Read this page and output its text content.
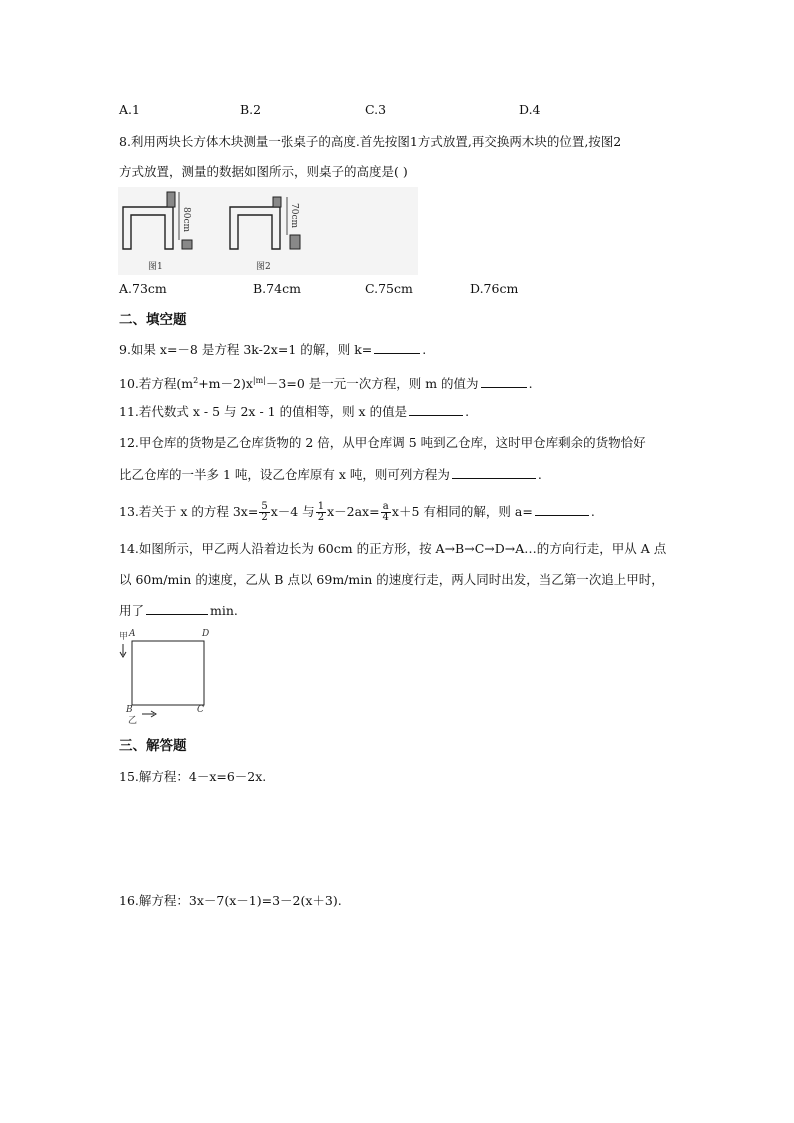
A.1	B.2	C.3	D.4
8.利用两块长方体木块测量一张桌子的高度.首先按图1方式放置,再交换两木块的位置,按图2
方式放置，测量的数据如图所示，则桌子的高度是( )
80cm	70cm
图1	图2
A.73cm	B.74cm	C.75cm	D.76cm
二、填空题
9.如果 x=－8 是方程 3k-2x=1 的解，则 k=	.
10.若方程$(m^2+m-2)x^{|m|}-3=0$ 是一元一次方程，则 m 的值为	.
11.若代数式 x - 5 与 2x - 1 的值相等，则 x 的值是	.
12.甲仓库的货物是乙仓库货物的 2 倍，从甲仓库调 5 吨到乙仓库，这时甲仓库剩余的货物恰好
比乙仓库的一半多 1 吨，设乙仓库原有 x 吨，则可列方程为	.
13.若关于 x 的方程 $3x= \frac{5}{2} x-4$ 与 $\frac{1}{2} x-2ax= \frac{a}{4} x+5$ 有相同的解，则 a=	.
14.如图所示，甲乙两人沿着边长为 60cm 的正方形，按 A→B→C→D→A…的方向行走，甲从 A 点
以 60m/min 的速度，乙从 B 点以 69m/min 的速度行走，两人同时出发，当乙第一次追上甲时，
用了	min.
甲 A	D
B	C
乙
三、解答题
15.解方程：4－x=6－2x.
16.解方程：3x－7(x－1)=3－2(x＋3).
